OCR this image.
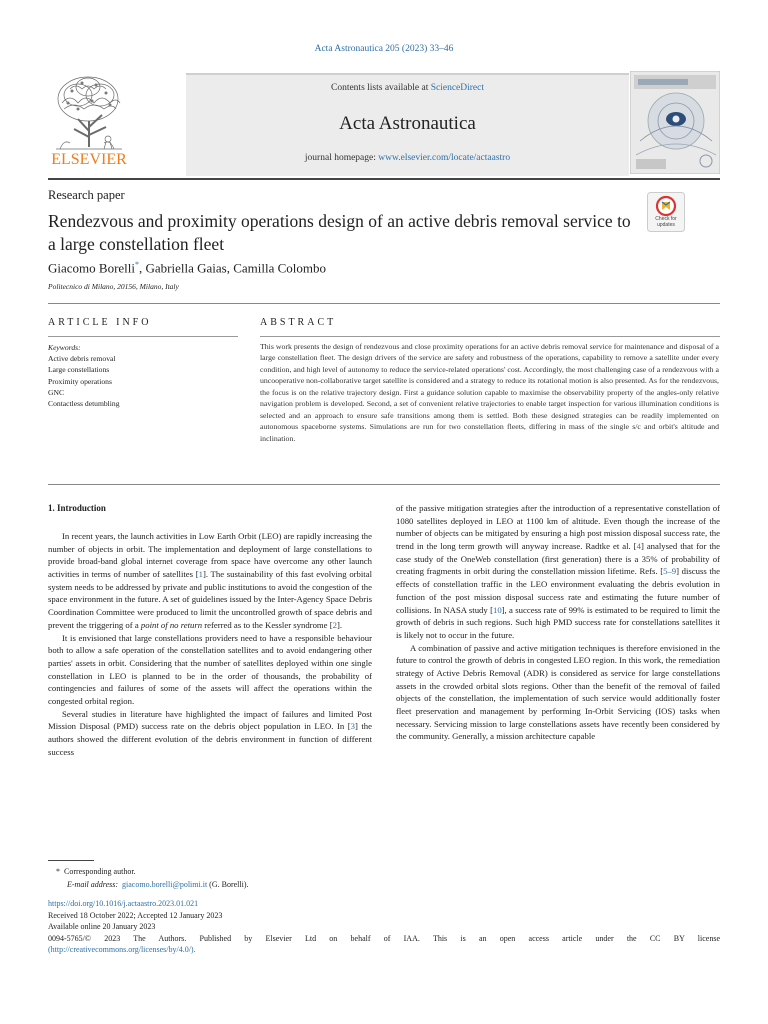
Acta Astronautica 205 (2023) 33–46
ELSEVIER
Contents lists available at ScienceDirect
Acta Astronautica
journal homepage: www.elsevier.com/locate/actaastro
Research paper
Rendezvous and proximity operations design of an active debris removal service to a large constellation fleet
Check for updates
Giacomo Borelli*, Gabriella Gaias, Camilla Colombo
Politecnico di Milano, 20156, Milano, Italy
ARTICLE INFO	ABSTRACT
Keywords:
Active debris removal
Large constellations
Proximity operations
GNC
Contactless detumbling
This work presents the design of rendezvous and close proximity operations for an active debris removal service for maintenance and disposal of a large constellation fleet. The design drivers of the service are safety and robustness of the operations, capability to remove a satellite under every condition, and high level of autonomy to reduce the service-related operations' cost. Accordingly, the most challenging case of a rendezvous with a uncooperative non-collaborative target satellite is considered and a strategy to reduce its rotational motion is also presented. As for the rendezvous, the focus is on the relative trajectory design. First a guidance solution capable to maximise the observability property of the angles-only relative navigation problem is developed. Second, a set of convenient relative trajectories to enable target inspection for various illumination conditions is selected and an approach to ensure safe transitions among them is settled. Both these designed strategies can be readily implemented on autonomous spaceborne systems. Simulations are run for two constellation fleets, differing in mass of the single s/c and orbit's altitude and inclination.
1. Introduction

In recent years, the launch activities in Low Earth Orbit (LEO) are rapidly increasing the number of objects in orbit. The implementation and deployment of large constellations to provide broad-band global internet coverage from space have overcome any other launch activities in terms of number of satellites [1]. The sustainability of this fast evolving orbital system needs to be addressed by private and public institutions to avoid the congestion of the space environment in the future. A set of guidelines issued by the Inter-Agency Space Debris Coordination Committee were produced to limit the uncontrolled growth of space debris and prevent the triggering of a point of no return referred as to the Kessler syndrome [2].

It is envisioned that large constellations providers need to have a responsible behaviour both to allow a safe operation of the constellation satellites and to avoid endangering other parties' assets in orbit. Considering that the number of satellites deployed within one single constellation in LEO is planned to be in the order of thousands, the probability of contingencies and failures of some of the assets will affect the operations within the congested orbital region.

Several studies in literature have highlighted the impact of failures and limited Post Mission Disposal (PMD) success rate on the debris object population in LEO. In [3] the authors showed the different evolution of the debris environment in function of different success

of the passive mitigation strategies after the introduction of a representative constellation of 1080 satellites deployed in LEO at 1100 km of altitude. Even though the increase of the number of objects can be mitigated by ensuring a high post mission disposal success rate, the trend in the long term growth will anyway increase. Radtke et al. [4] analysed that for the case study of the OneWeb constellation (first generation) there is a 35% of probability of creating fragments in orbit during the constellation mission lifetime. Refs. [5–9] discuss the effects of constellation traffic in the LEO environment evaluating the debris evolution in function of the post mission disposal success rate and estimating the future number of collisions. In NASA study [10], a success rate of 99% is estimated to be required to limit the growth of debris in such regions. Such high PMD success rate for constellations satellites it is likely not to occur in the future.

A combination of passive and active mitigation techniques is therefore envisioned in the future to control the growth of debris in congested LEO region. In this work, the remediation strategy of Active Debris Removal (ADR) is considered as service for large constellations assets in the crowded orbital slots regions. Other than the benefit of the removal of failed objects of the constellation, the implementation of such service would additionally foster fleet preservation and management by performing In-Orbit Servicing (IOS) tasks when necessary. Servicing mission to large constellations assets have recently been considered by the community. Generally, a mission architecture capable

* Corresponding author.
E-mail address: giacomo.borelli@polimi.it (G. Borelli).
https://doi.org/10.1016/j.actaastro.2023.01.021
Received 18 October 2022; Accepted 12 January 2023
Available online 20 January 2023
0094-5765/© 2023 The Authors. Published by Elsevier Ltd on behalf of IAA. This is an open access article under the CC BY license
(http://creativecommons.org/licenses/by/4.0/).
